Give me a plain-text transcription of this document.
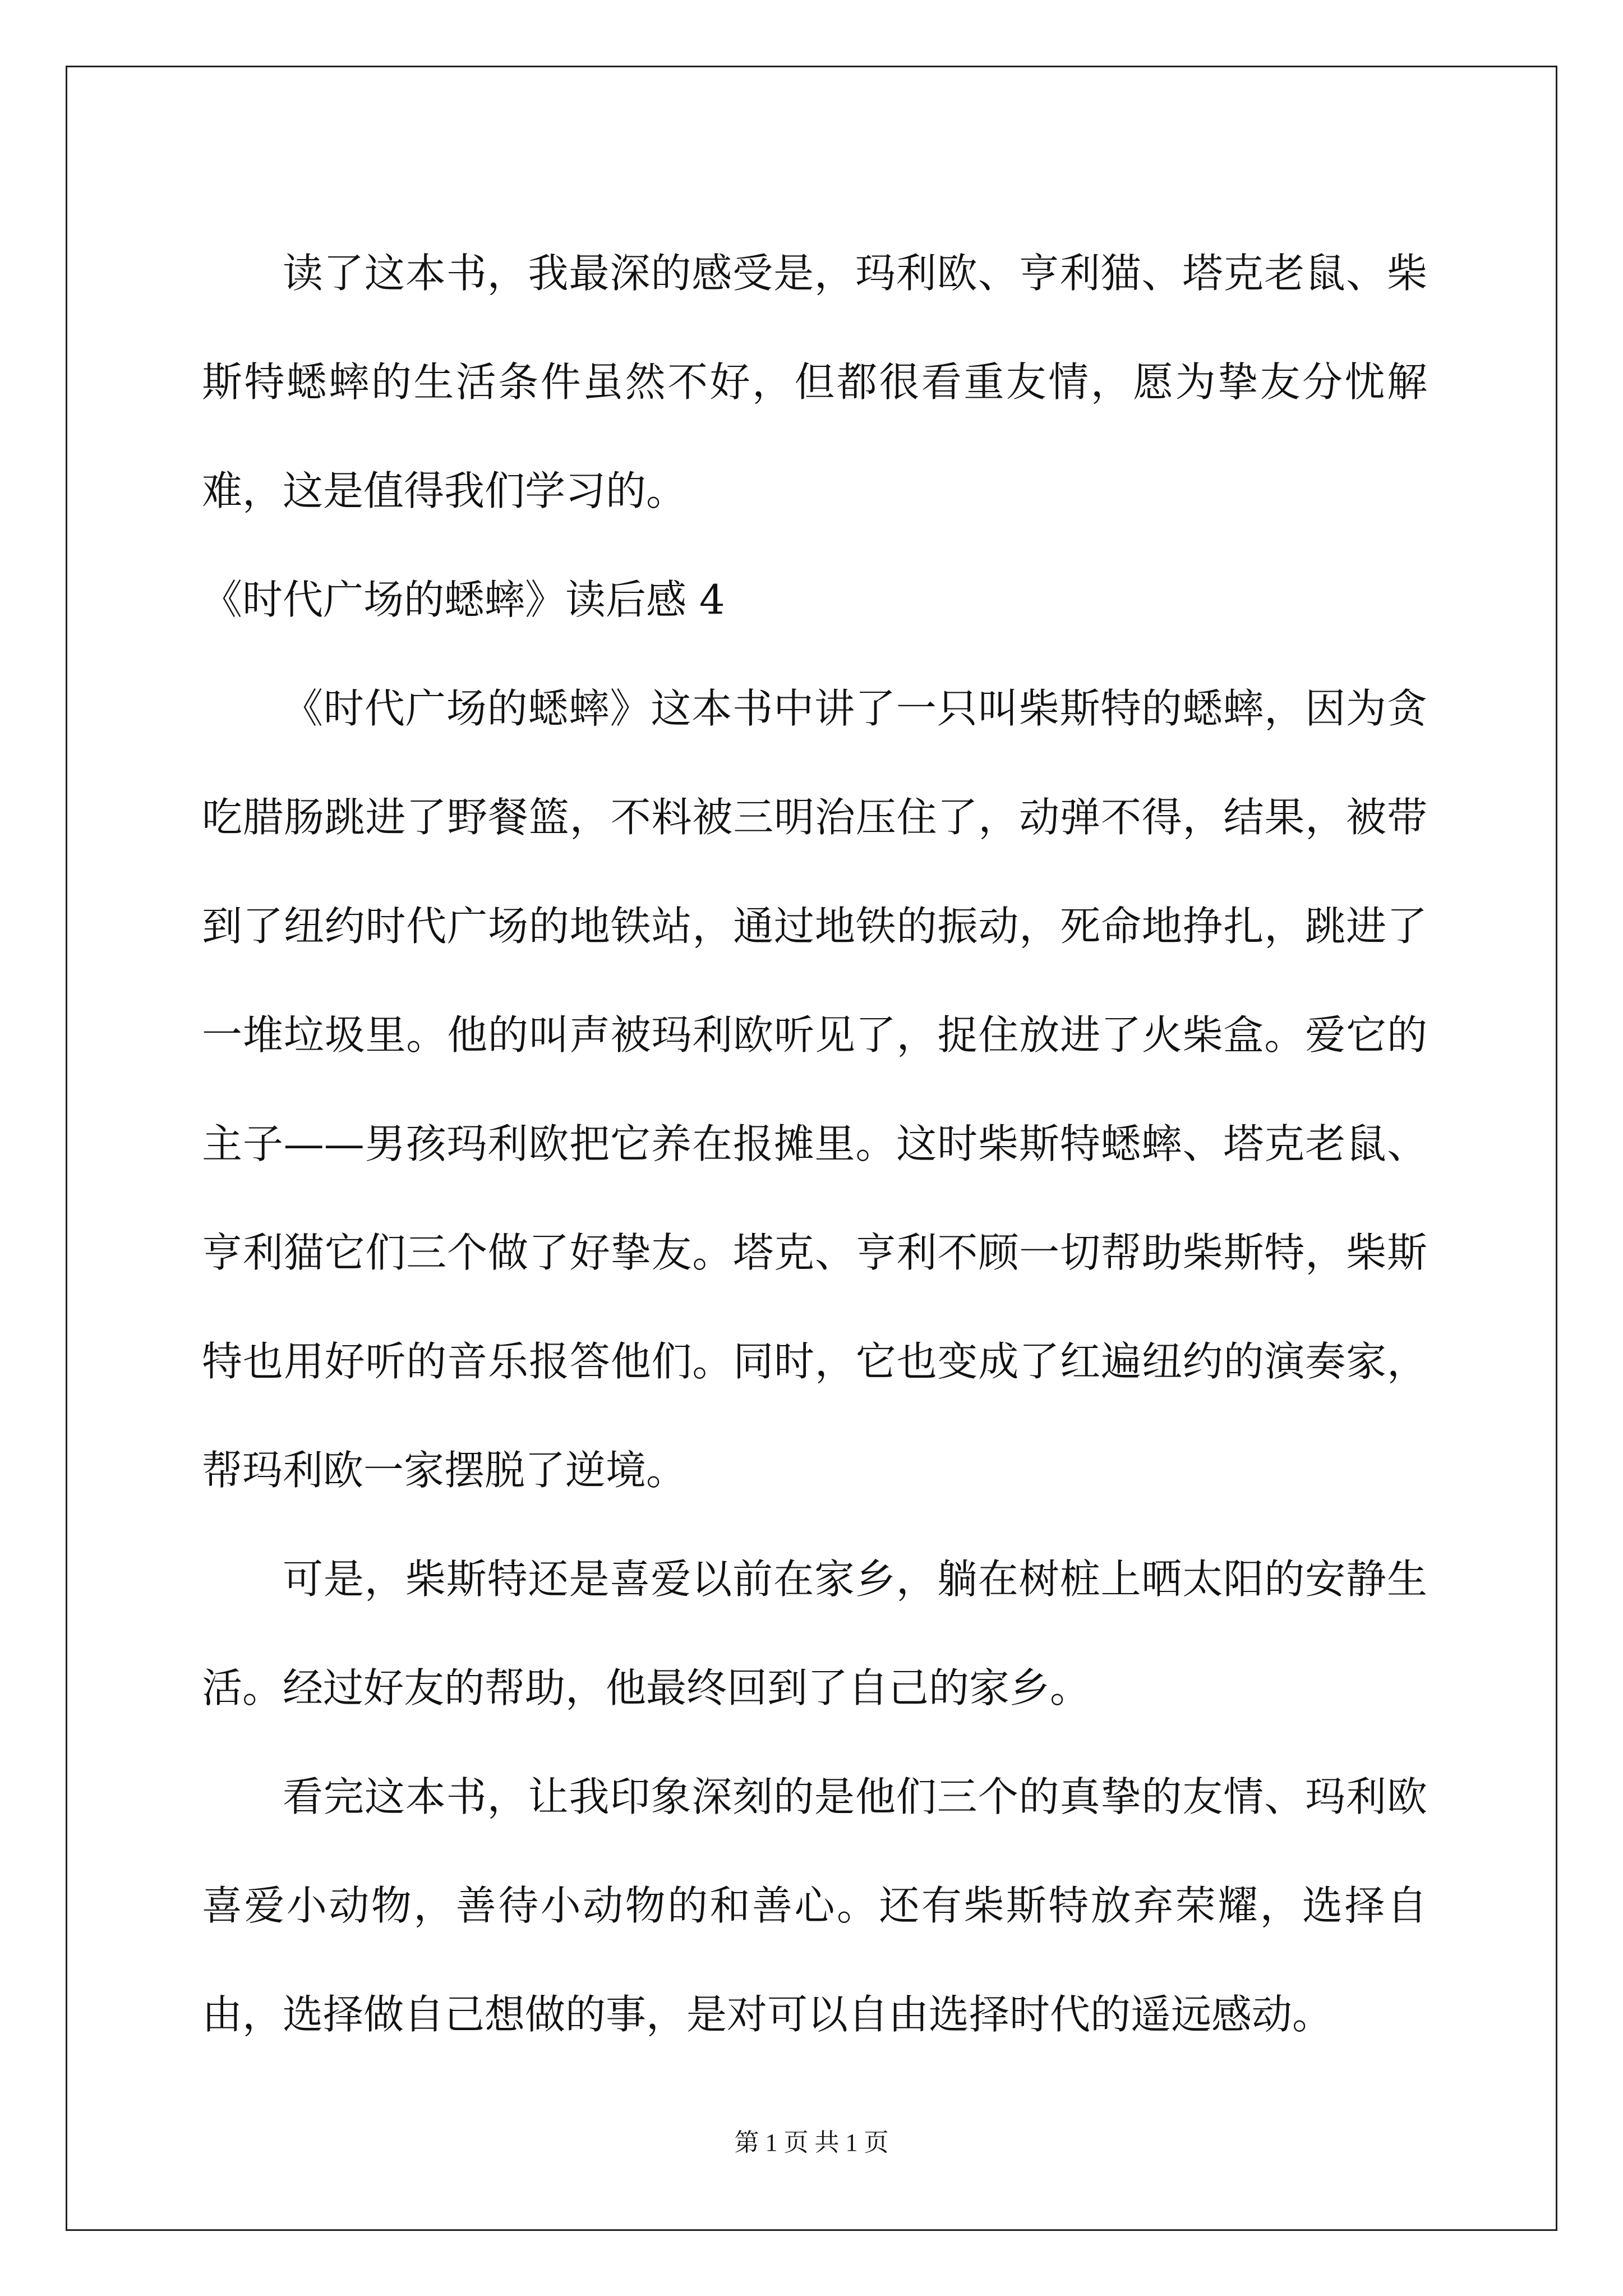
读了这本书，我最深的感受是，玛利欧、亨利猫、塔克老鼠、柴斯特蟋蟀的生活条件虽然不好，但都很看重友情，愿为挚友分忧解难，这是值得我们学习的。

《时代广场的蟋蟀》读后感 4

《时代广场的蟋蟀》这本书中讲了一只叫柴斯特的蟋蟀，因为贪吃腊肠跳进了野餐篮，不料被三明治压住了，动弹不得，结果，被带到了纽约时代广场的地铁站，通过地铁的振动，死命地挣扎，跳进了一堆垃圾里。他的叫声被玛利欧听见了，捉住放进了火柴盒。爱它的主子——男孩玛利欧把它养在报摊里。这时柴斯特蟋蟀、塔克老鼠、亨利猫它们三个做了好挚友。塔克、亨利不顾一切帮助柴斯特，柴斯特也用好听的音乐报答他们。同时，它也变成了红遍纽约的演奏家，帮玛利欧一家摆脱了逆境。

可是，柴斯特还是喜爱以前在家乡，躺在树桩上晒太阳的安静生活。经过好友的帮助，他最终回到了自己的家乡。

看完这本书，让我印象深刻的是他们三个的真挚的友情、玛利欧喜爱小动物，善待小动物的和善心。还有柴斯特放弃荣耀，选择自由，选择做自己想做的事，是对可以自由选择时代的遥远感动。

第 1 页 共 1 页
